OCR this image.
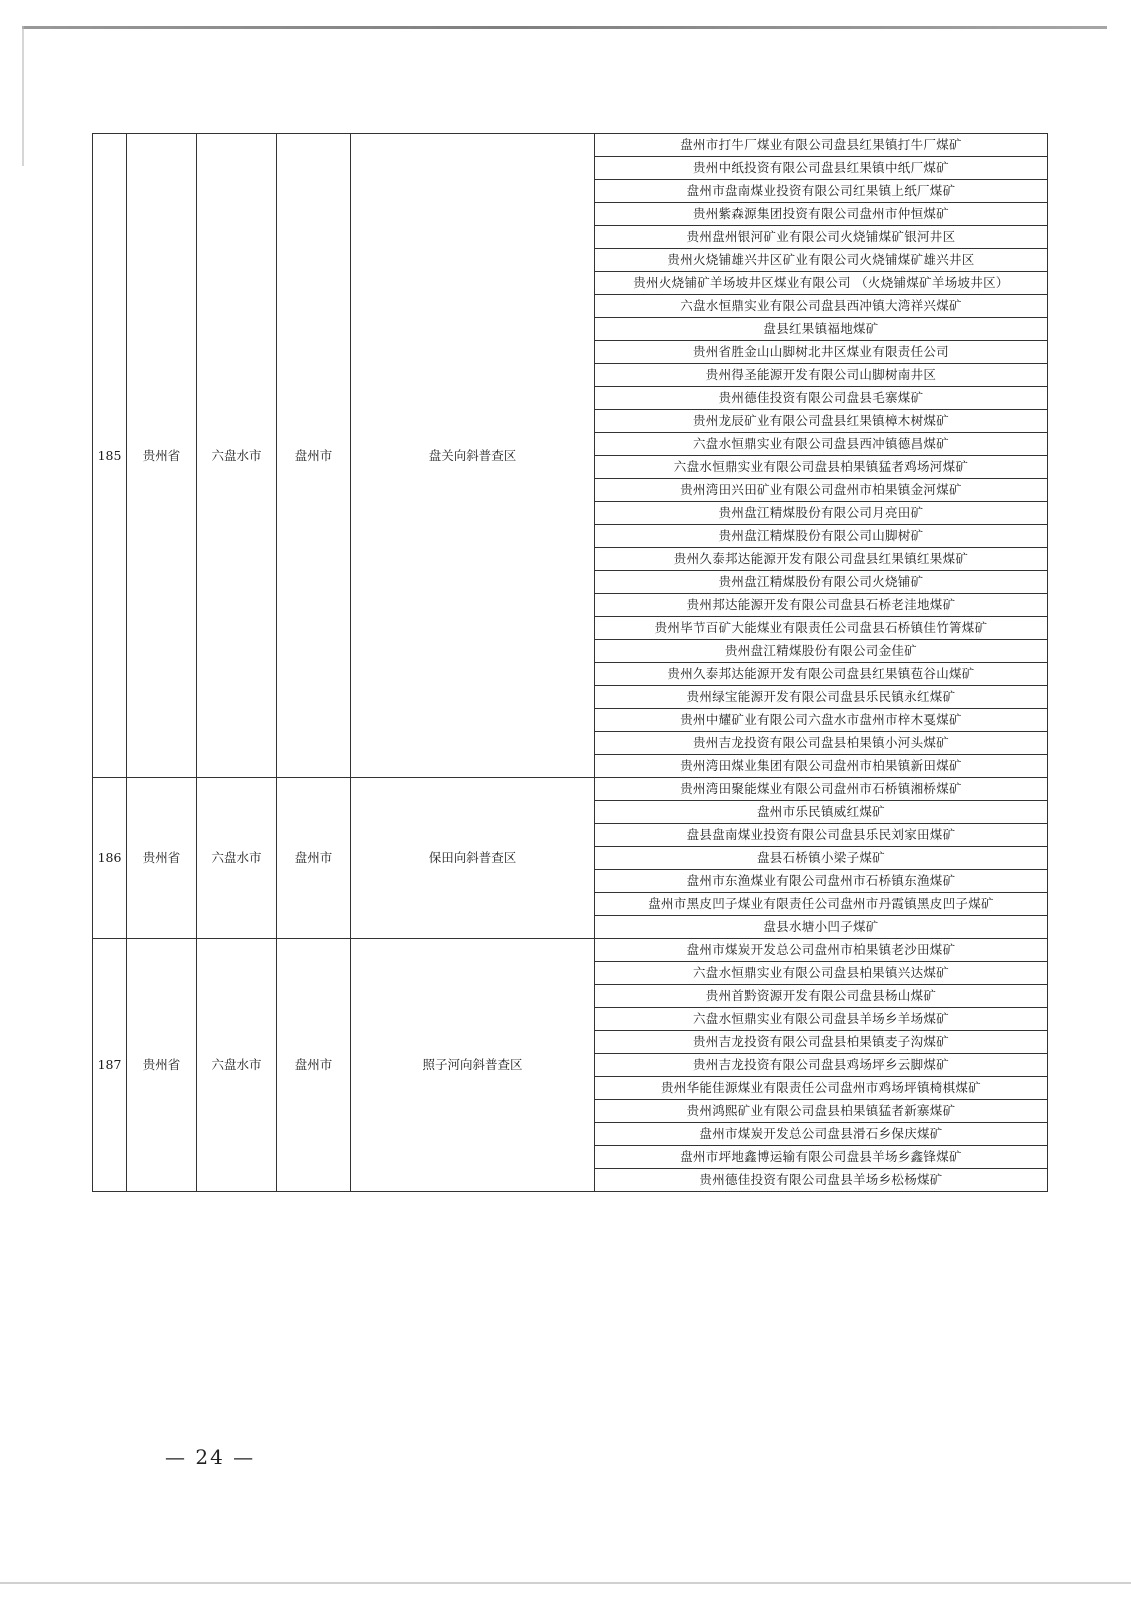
185	贵州省	六盘水市	盘州市	盘关向斜普查区	盘州市打牛厂煤业有限公司盘县红果镇打牛厂煤矿
					贵州中纸投资有限公司盘县红果镇中纸厂煤矿
					盘州市盘南煤业投资有限公司红果镇上纸厂煤矿
					贵州紫森源集团投资有限公司盘州市仲恒煤矿
					贵州盘州银河矿业有限公司火烧铺煤矿银河井区
					贵州火烧铺雄兴井区矿业有限公司火烧铺煤矿雄兴井区
					贵州火烧铺矿羊场坡井区煤业有限公司 （火烧铺煤矿羊场坡井区）
					六盘水恒鼎实业有限公司盘县西冲镇大湾祥兴煤矿
					盘县红果镇福地煤矿
					贵州省胜金山山脚树北井区煤业有限责任公司
					贵州得圣能源开发有限公司山脚树南井区
					贵州德佳投资有限公司盘县毛寨煤矿
					贵州龙辰矿业有限公司盘县红果镇樟木树煤矿
					六盘水恒鼎实业有限公司盘县西冲镇德昌煤矿
					六盘水恒鼎实业有限公司盘县柏果镇猛者鸡场河煤矿
					贵州湾田兴田矿业有限公司盘州市柏果镇金河煤矿
					贵州盘江精煤股份有限公司月亮田矿
					贵州盘江精煤股份有限公司山脚树矿
					贵州久泰邦达能源开发有限公司盘县红果镇红果煤矿
					贵州盘江精煤股份有限公司火烧铺矿
					贵州邦达能源开发有限公司盘县石桥老洼地煤矿
					贵州毕节百矿大能煤业有限责任公司盘县石桥镇佳竹箐煤矿
					贵州盘江精煤股份有限公司金佳矿
					贵州久泰邦达能源开发有限公司盘县红果镇苞谷山煤矿
					贵州绿宝能源开发有限公司盘县乐民镇永红煤矿
					贵州中耀矿业有限公司六盘水市盘州市梓木戛煤矿
					贵州吉龙投资有限公司盘县柏果镇小河头煤矿
					贵州湾田煤业集团有限公司盘州市柏果镇新田煤矿
186	贵州省	六盘水市	盘州市	保田向斜普查区	贵州湾田聚能煤业有限公司盘州市石桥镇湘桥煤矿
					盘州市乐民镇威红煤矿
					盘县盘南煤业投资有限公司盘县乐民刘家田煤矿
					盘县石桥镇小梁子煤矿
					盘州市东渔煤业有限公司盘州市石桥镇东渔煤矿
					盘州市黑皮凹子煤业有限责任公司盘州市丹霞镇黑皮凹子煤矿
					盘县水塘小凹子煤矿
187	贵州省	六盘水市	盘州市	照子河向斜普查区	盘州市煤炭开发总公司盘州市柏果镇老沙田煤矿
					六盘水恒鼎实业有限公司盘县柏果镇兴达煤矿
					贵州首黔资源开发有限公司盘县杨山煤矿
					六盘水恒鼎实业有限公司盘县羊场乡羊场煤矿
					贵州吉龙投资有限公司盘县柏果镇麦子沟煤矿
					贵州吉龙投资有限公司盘县鸡场坪乡云脚煤矿
					贵州华能佳源煤业有限责任公司盘州市鸡场坪镇椅棋煤矿
					贵州鸿熙矿业有限公司盘县柏果镇猛者新寨煤矿
					盘州市煤炭开发总公司盘县滑石乡保庆煤矿
					盘州市坪地鑫博运输有限公司盘县羊场乡鑫锋煤矿
					贵州德佳投资有限公司盘县羊场乡松杨煤矿
— 24 —
